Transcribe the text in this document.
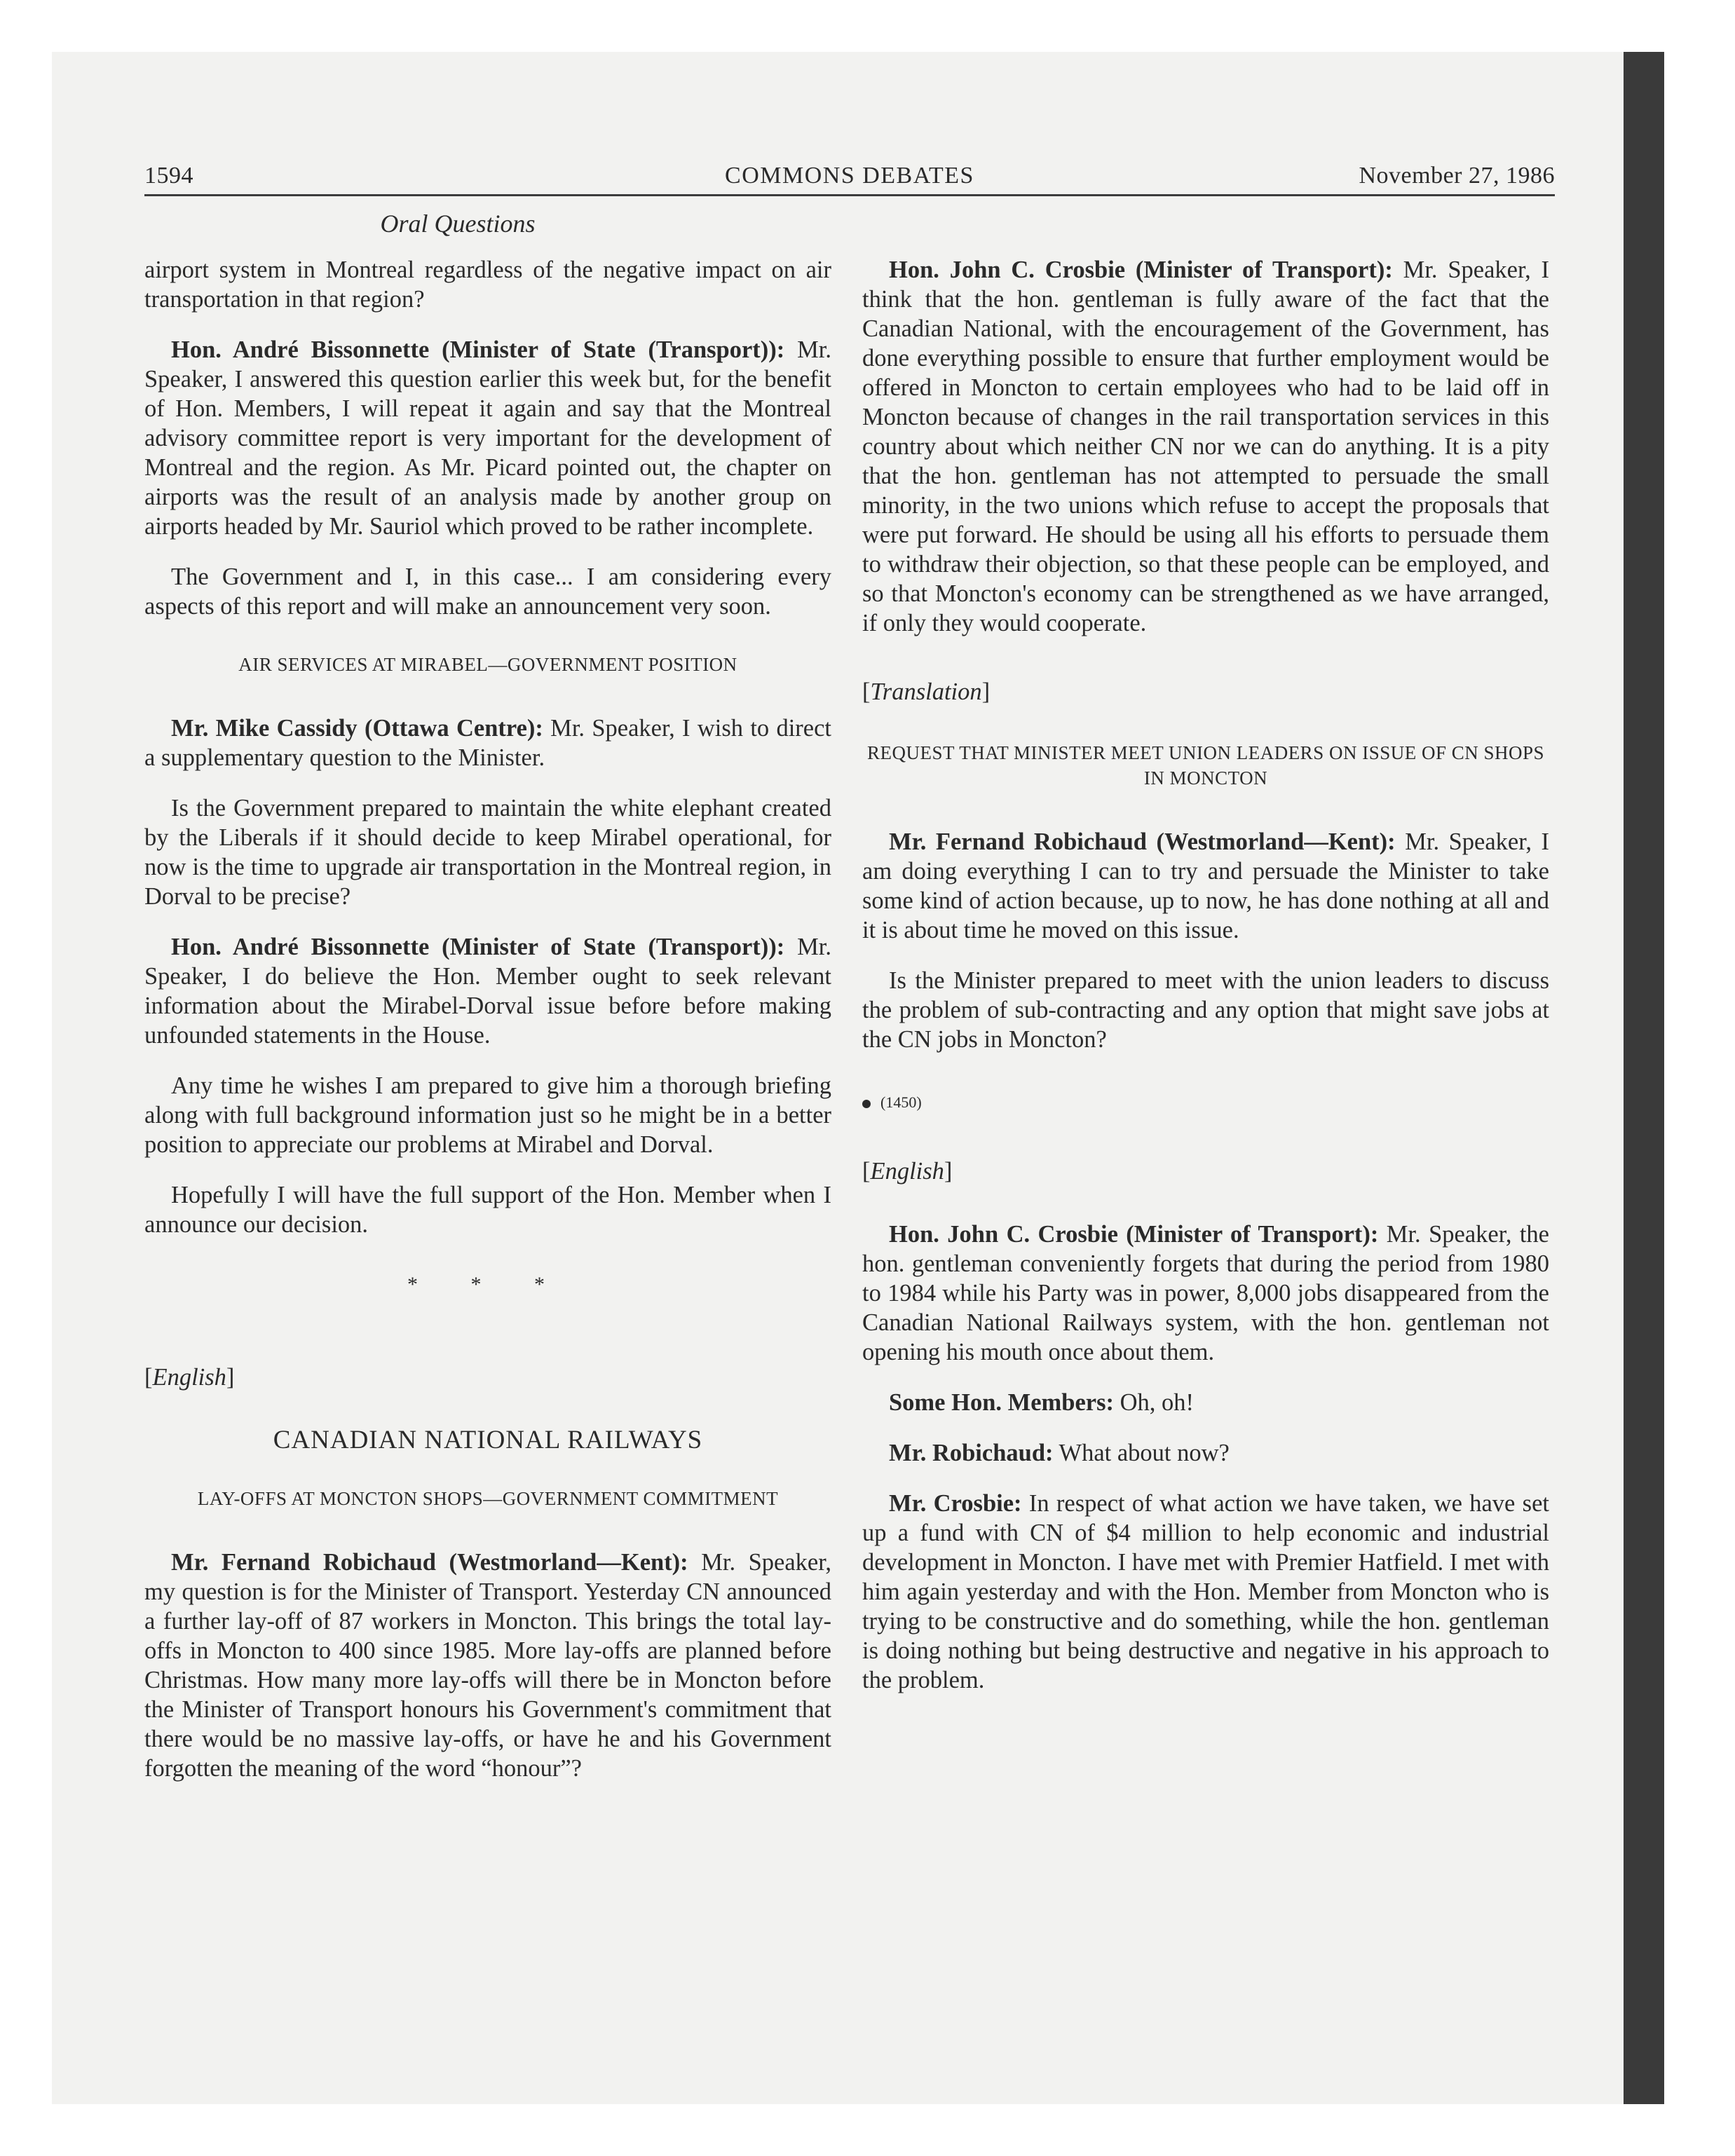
1594	COMMONS DEBATES	November 27, 1986
Oral Questions

airport system in Montreal regardless of the negative impact on air transportation in that region?

Hon. André Bissonnette (Minister of State (Transport)): Mr. Speaker, I answered this question earlier this week but, for the benefit of Hon. Members, I will repeat it again and say that the Montreal advisory committee report is very important for the development of Montreal and the region. As Mr. Picard pointed out, the chapter on airports was the result of an analysis made by another group on airports headed by Mr. Sauriol which proved to be rather incomplete.

The Government and I, in this case... I am considering every aspects of this report and will make an announcement very soon.

AIR SERVICES AT MIRABEL—GOVERNMENT POSITION

Mr. Mike Cassidy (Ottawa Centre): Mr. Speaker, I wish to direct a supplementary question to the Minister.

Is the Government prepared to maintain the white elephant created by the Liberals if it should decide to keep Mirabel operational, for now is the time to upgrade air transportation in the Montreal region, in Dorval to be precise?

Hon. André Bissonnette (Minister of State (Transport)): Mr. Speaker, I do believe the Hon. Member ought to seek relevant information about the Mirabel-Dorval issue before before making unfounded statements in the House.

Any time he wishes I am prepared to give him a thorough briefing along with full background information just so he might be in a better position to appreciate our problems at Mirabel and Dorval.

Hopefully I will have the full support of the Hon. Member when I announce our decision.

* * *
[English]
CANADIAN NATIONAL RAILWAYS
LAY-OFFS AT MONCTON SHOPS—GOVERNMENT COMMITMENT

Mr. Fernand Robichaud (Westmorland—Kent): Mr. Speaker, my question is for the Minister of Transport. Yesterday CN announced a further lay-off of 87 workers in Moncton. This brings the total lay-offs in Moncton to 400 since 1985. More lay-offs are planned before Christmas. How many more lay-offs will there be in Moncton before the Minister of Transport honours his Government's commitment that there would be no massive lay-offs, or have he and his Government forgotten the meaning of the word “honour”?

Hon. John C. Crosbie (Minister of Transport): Mr. Speaker, I think that the hon. gentleman is fully aware of the fact that the Canadian National, with the encouragement of the Government, has done everything possible to ensure that further employment would be offered in Moncton to certain employees who had to be laid off in Moncton because of changes in the rail transportation services in this country about which neither CN nor we can do anything. It is a pity that the hon. gentleman has not attempted to persuade the small minority, in the two unions which refuse to accept the proposals that were put forward. He should be using all his efforts to persuade them to withdraw their objection, so that these people can be employed, and so that Moncton's economy can be strengthened as we have arranged, if only they would cooperate.

[Translation]
REQUEST THAT MINISTER MEET UNION LEADERS ON ISSUE OF CN SHOPS IN MONCTON

Mr. Fernand Robichaud (Westmorland—Kent): Mr. Speaker, I am doing everything I can to try and persuade the Minister to take some kind of action because, up to now, he has done nothing at all and it is about time he moved on this issue.

Is the Minister prepared to meet with the union leaders to discuss the problem of sub-contracting and any option that might save jobs at the CN jobs in Moncton?

(1450)
[English]

Hon. John C. Crosbie (Minister of Transport): Mr. Speaker, the hon. gentleman conveniently forgets that during the period from 1980 to 1984 while his Party was in power, 8,000 jobs disappeared from the Canadian National Railways system, with the hon. gentleman not opening his mouth once about them.

Some Hon. Members: Oh, oh!

Mr. Robichaud: What about now?

Mr. Crosbie: In respect of what action we have taken, we have set up a fund with CN of $4 million to help economic and industrial development in Moncton. I have met with Premier Hatfield. I met with him again yesterday and with the Hon. Member from Moncton who is trying to be constructive and do something, while the hon. gentleman is doing nothing but being destructive and negative in his approach to the problem.
